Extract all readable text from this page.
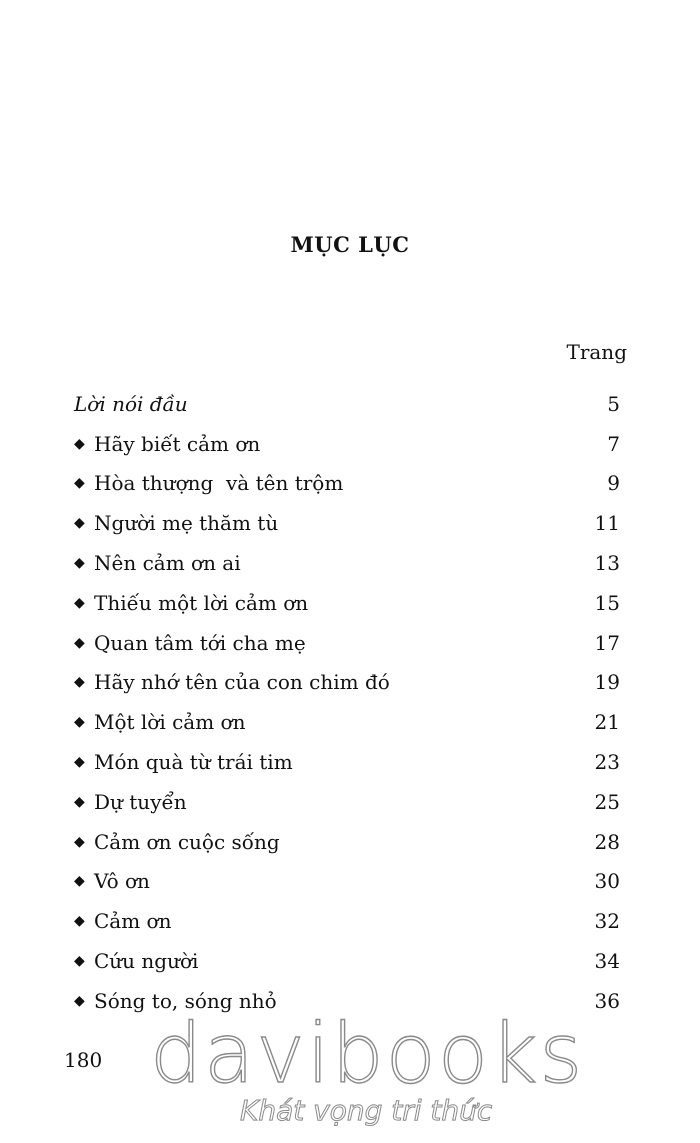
MỤC LỤC
Trang
Lời nói đầu	5
◆ Hãy biết cảm ơn	7
◆ Hòa thượng  và tên trộm	9
◆ Người mẹ thăm tù	11
◆ Nên cảm ơn ai	13
◆ Thiếu một lời cảm ơn	15
◆ Quan tâm tới cha mẹ	17
◆ Hãy nhớ tên của con chim đó	19
◆ Một lời cảm ơn	21
◆ Món quà từ trái tim	23
◆ Dự tuyển	25
◆ Cảm ơn cuộc sống	28
◆ Vô ơn	30
◆ Cảm ơn	32
◆ Cứu người	34
◆ Sóng to, sóng nhỏ	36
180 davibooks
Khát vọng tri thức
